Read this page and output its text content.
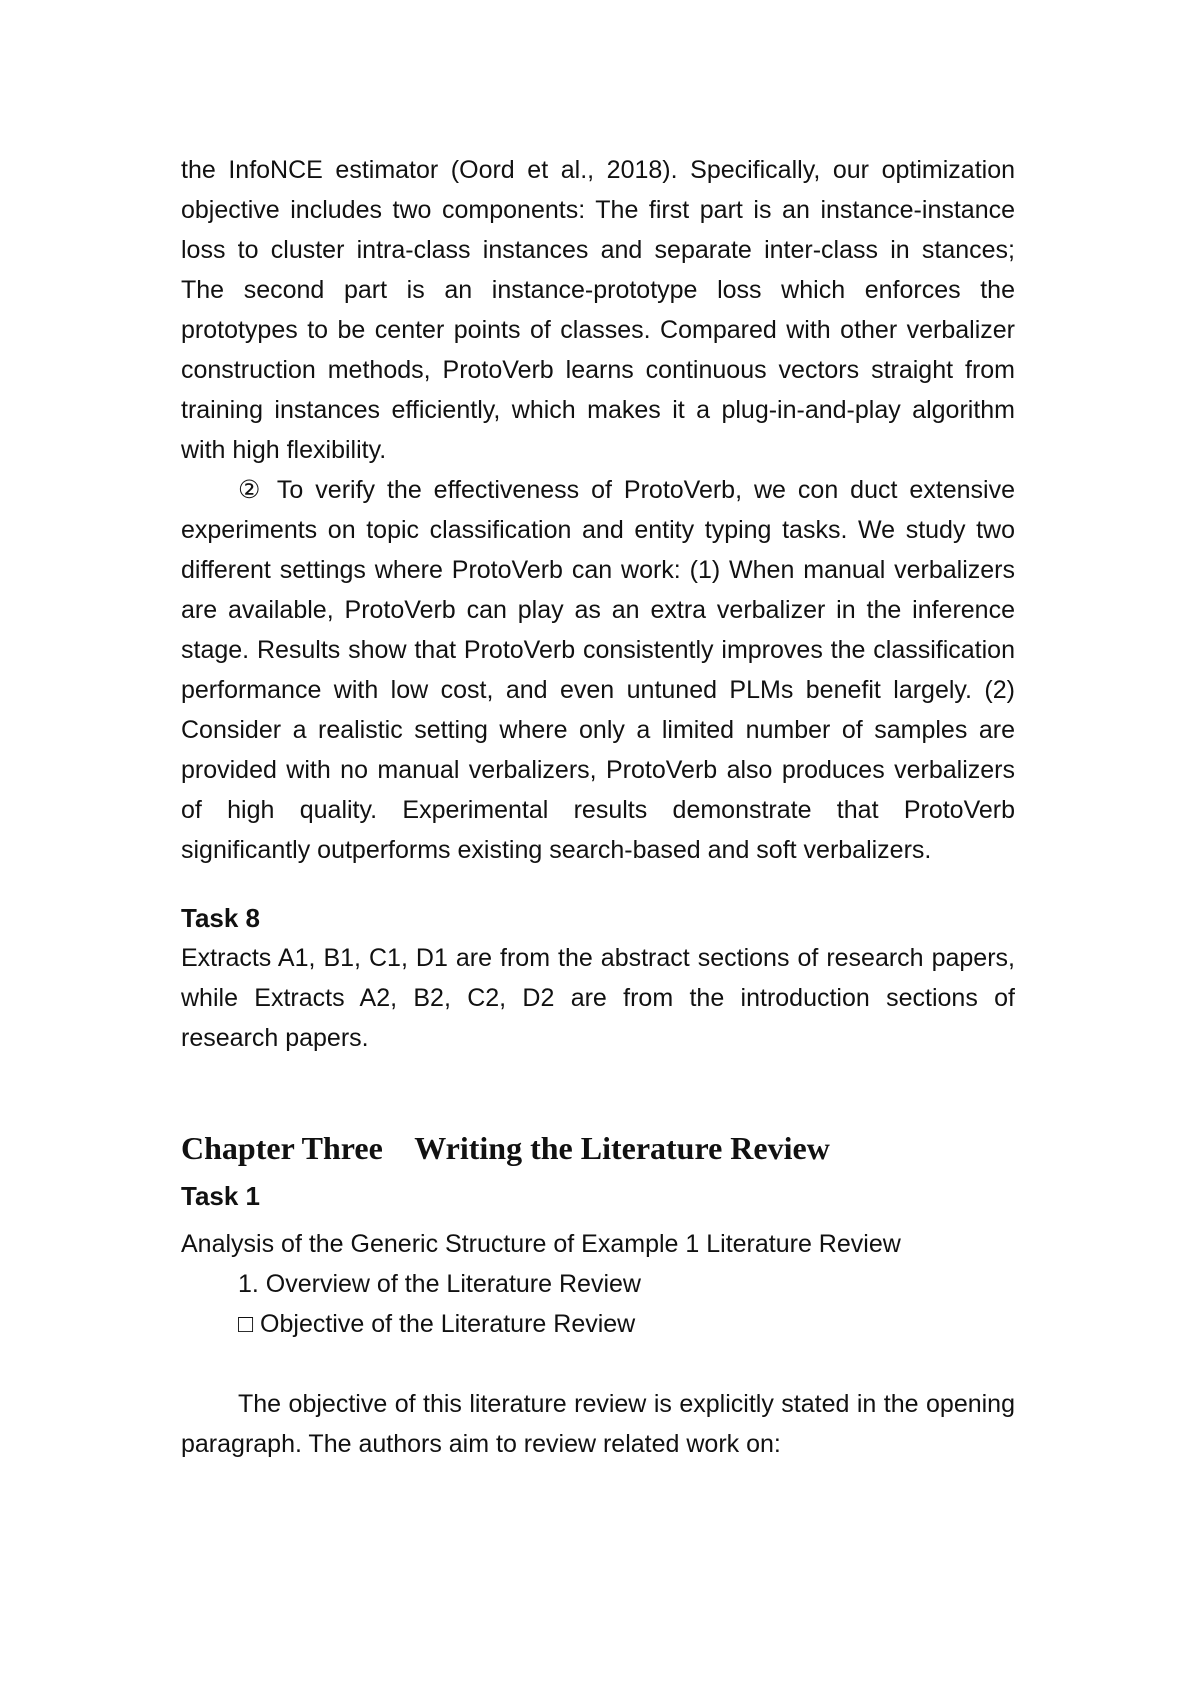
the InfoNCE estimator (Oord et al., 2018). Specifically, our optimization objective includes two components: The first part is an instance-instance loss to cluster intra-class instances and separate inter-class in stances; The second part is an instance-prototype loss which enforces the prototypes to be center points of classes. Compared with other verbalizer construction methods, ProtoVerb learns continuous vectors straight from training instances efficiently, which makes it a plug-in-and-play algorithm with high flexibility.

② To verify the effectiveness of ProtoVerb, we con duct extensive experiments on topic classification and entity typing tasks. We study two different settings where ProtoVerb can work: (1) When manual verbalizers are available, ProtoVerb can play as an extra verbalizer in the inference stage. Results show that ProtoVerb consistently improves the classification performance with low cost, and even untuned PLMs benefit largely. (2) Consider a realistic setting where only a limited number of samples are provided with no manual verbalizers, ProtoVerb also produces verbalizers of high quality. Experimental results demonstrate that ProtoVerb significantly outperforms existing search-based and soft verbalizers.

Task 8

Extracts A1, B1, C1, D1 are from the abstract sections of research papers, while Extracts A2, B2, C2, D2 are from the introduction sections of research papers.

Chapter Three    Writing the Literature Review

Task 1

Analysis of the Generic Structure of Example 1 Literature Review

1. Overview of the Literature Review

□ Objective of the Literature Review

The objective of this literature review is explicitly stated in the opening paragraph. The authors aim to review related work on:
